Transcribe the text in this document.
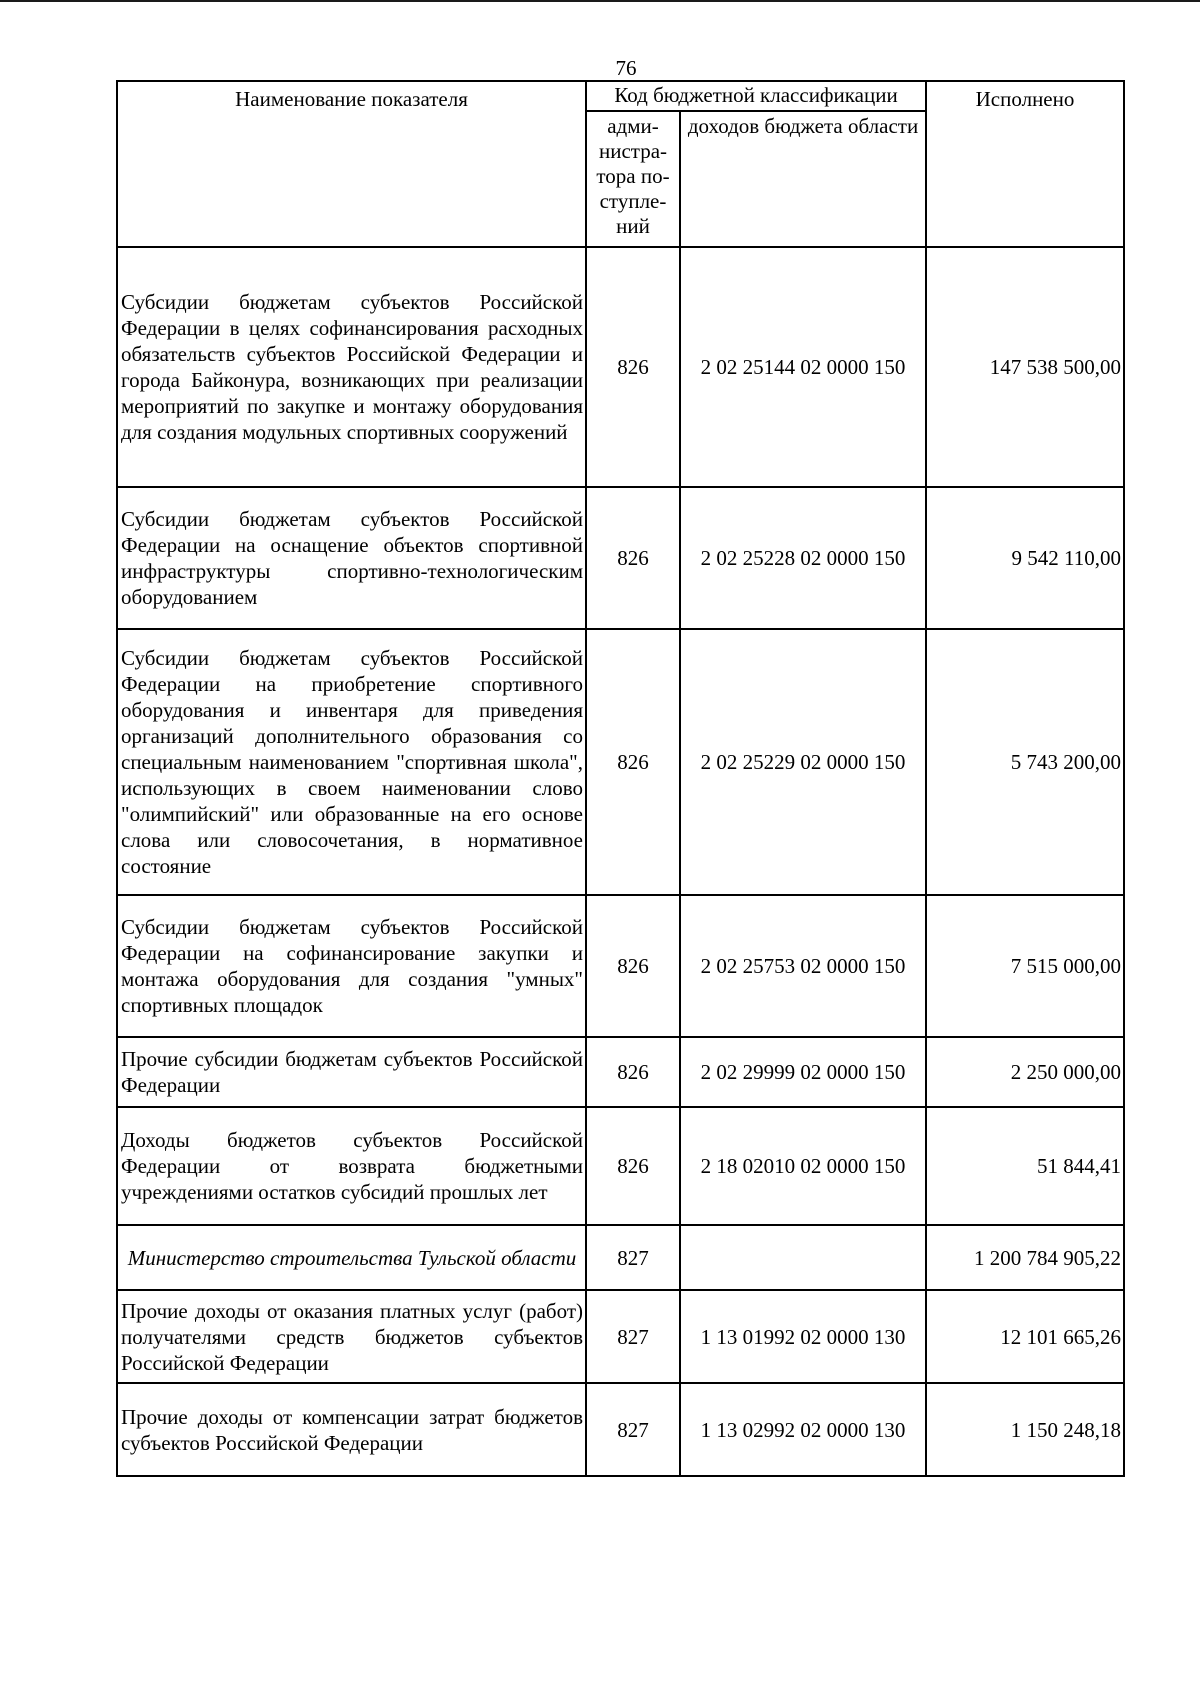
76
Наименование показателя	Код бюджетной классификации		Исполнено
	адми-нистра-тора по-ступле-ний	доходов бюджета области	
Субсидии бюджетам субъектов Российской Федерации в целях софинансирования расходных обязательств субъектов Российской Федерации и города Байконура, возникающих при реализации мероприятий по закупке и монтажу оборудования для создания модульных спортивных сооружений	826	2 02 25144 02 0000 150	147 538 500,00
Субсидии бюджетам субъектов Российской Федерации на оснащение объектов спортивной инфраструктуры спортивно-технологическим оборудованием	826	2 02 25228 02 0000 150	9 542 110,00
Субсидии бюджетам субъектов Российской Федерации на приобретение спортивного оборудования и инвентаря для приведения организаций дополнительного образования со специальным наименованием "спортивная школа", использующих в своем наименовании слово "олимпийский" или образованные на его основе слова или словосочетания, в нормативное состояние	826	2 02 25229 02 0000 150	5 743 200,00
Субсидии бюджетам субъектов Российской Федерации на софинансирование закупки и монтажа оборудования для создания "умных" спортивных площадок	826	2 02 25753 02 0000 150	7 515 000,00
Прочие субсидии бюджетам субъектов Российской Федерации	826	2 02 29999 02 0000 150	2 250 000,00
Доходы бюджетов субъектов Российской Федерации от возврата бюджетными учреждениями остатков субсидий прошлых лет	826	2 18 02010 02 0000 150	51 844,41
Министерство строительства Тульской области	827		1 200 784 905,22
Прочие доходы от оказания платных услуг (работ) получателями средств бюджетов субъектов Российской Федерации	827	1 13 01992 02 0000 130	12 101 665,26
Прочие доходы от компенсации затрат бюджетов субъектов Российской Федерации	827	1 13 02992 02 0000 130	1 150 248,18
